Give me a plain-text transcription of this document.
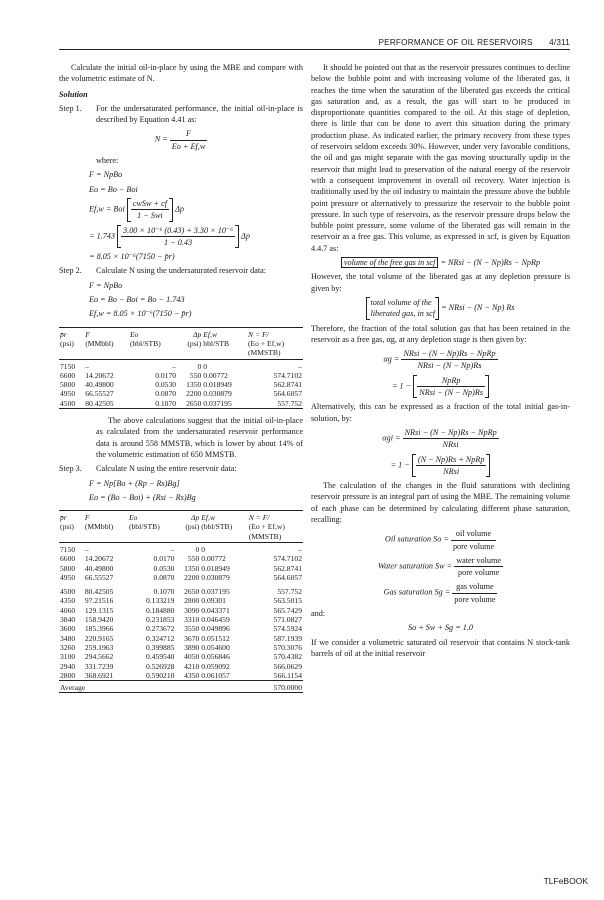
PERFORMANCE OF OIL RESERVOIRS 4/311

Calculate the initial oil-in-place by using the MBE and compare with the volumetric estimate of N.

Solution
Step 1.	For the undersaturated performance, the initial oil-in-place is described by Equation 4.41 as:
$N = \frac{F}{Eo + Ef,w}$
where:
F = NpBo
Eo = Bo − Boi
Ef,w = Boi $\frac{\text{cwSw + cf}}{\text{1 − Swi}}$ Δp
= $1.743 \frac{\text{3.00 × 10⁻⁶ (0.43) + 3.30 × 10⁻⁶}}{1 - 0.43}$ Δp
= 8.05 × 10⁻⁶(7150 − p̄r)
Step 2.	Calculate N using the undersaturated reservoir data:
F = NpBo
Eo = Bo − Boi = Bo − 1.743
Ef,w = 8.05 × 10⁻⁶(7150 − p̄r)
p̄r	F	Eo	Δp	Ef,w	N = F/
(psi)	(MMbbl)	(bbl/STB)	(psi)	bbl/STB	(Eo + Ef,w)
					(MMSTB)
7150	–	–	0	0	–
6600	14.20672	0.0170	550	0.00772	574.7102
5800	40.49800	0.0530	1350	0.018949	562.8741
4950	66.55527	0.0870	2200	0.030879	564.6057
4500	80.42505	0.1070	2650	0.037195	557.752

The above calculations suggest that the initial oil-in-place as calculated from the undersaturated reservoir performance data is around 558 MMSTB, which is lower by about 14% of the volumetric estimation of 650 MMSTB.

Step 3.	Calculate N using the entire reservoir data:
F = Np[Bo + (Rp − Rs)Bg]
Eo = (Bo − Boi) + (Rsi − Rs)Bg
p̄r	F	Eo	Δp	Ef,w	N = F/
(psi)	(MMbbl)	(bbl/STB)	(psi)	(bbl/STB)	(Eo + Ef,w)
					(MMSTB)
7150	–	–	0	0	–
6600	14.20672	0.0170	550	0.00772	574.7102
5800	40.49800	0.0530	1350	0.018949	562.8741
4950	66.55527	0.0870	2200	0.030879	564.6057
4500	80.42505	0.1070	2650	0.037195	557.752
4350	97.21516	0.133219	2800	0.09301	563.5015
4060	129.1315	0.184880	3090	0.043371	565.7429
3840	158.9420	0.231853	3310	0.046459	571.0827
3600	185.3966	0.273672	3550	0.049896	574.5924
3480	220.9165	0.324712	3670	0.051512	587.1939
3260	259.1963	0.399885	3890	0.054600	570.3076
3100	294.5662	0.459540	4050	0.056846	570.4382
2940	331.7239	0.526928	4210	0.059092	566.0629
2800	368.6921	0.590210	4350	0.061057	566.1154
Average					570.0000

It should be pointed out that as the reservoir pressures continues to decline below the bubble point and with increasing volume of the liberated gas, it reaches the time when the saturation of the liberated gas exceeds the critical gas saturation and, as a result, the gas will start to be produced in disproportionate quantities compared to the oil. At this stage of depletion, there is little that can be done to avert this situation during the primary production phase. As indicated earlier, the primary recovery from these types of reservoirs seldom exceeds 30%. However, under very favorable conditions, the oil and gas might separate with the gas moving structurally updip in the reservoir that might lead to preservation of the natural energy of the reservoir with a consequent improvement in overall oil recovery. Water injection is traditionally used by the oil industry to maintain the pressure above the bubble point pressure or alternatively to pressurize the reservoir to the bubble point pressure. In such type of reservoirs, as the reservoir pressure drops below the bubble point pressure, some volume of the liberated gas will remain in the reservoir as a free gas. This volume, as expressed in scf, is given by Equation 4.4.7 as:

volume of the free gas in scf = NRsi − (N − Np)Rs − NpRp

However, the total volume of the liberated gas at any depletion pressure is given by:

total volume of the
liberated gas, in scf
= NRsi − (N − Np) Rs

Therefore, the fraction of the total solution gas that has been retained in the reservoir as a free gas, αg, at any depletion stage is then given by:

$\alpha g = \frac{\text{NRsi − (N − Np)Rs − NpRp}}{\text{NRsi − (N − Np)Rs}}$
= $1 - \frac{\text{NpRp}}{\text{NRsi − (N − Np)Rs}}$

Alternatively, this can be expressed as a fraction of the total initial gas-in-solution, by:

$\alpha gi = \frac{\text{NRsi − (N − Np)Rs − NpRp}}{\text{NRsi}}$
= $1 - \frac{\text{(N − Np)Rs + NpRp}}{\text{NRsi}}$

The calculation of the changes in the fluid saturations with declining reservoir pressure is an integral part of using the MBE. The remaining volume of each phase can be determined by calculating different phase saturation, recalling:

Oil saturation $So = \frac{\text{oil volume}}{\text{pore volume}}$
Water saturation $Sw = \frac{\text{water volume}}{\text{pore volume}}$
Gas saturation $Sg = \frac{\text{gas volume}}{\text{pore volume}}$
and:
So + Sw + Sg = 1.0

If we consider a volumetric saturated oil reservoir that contains N stock-tank barrels of oil at the initial reservoir

TLFeBOOK
